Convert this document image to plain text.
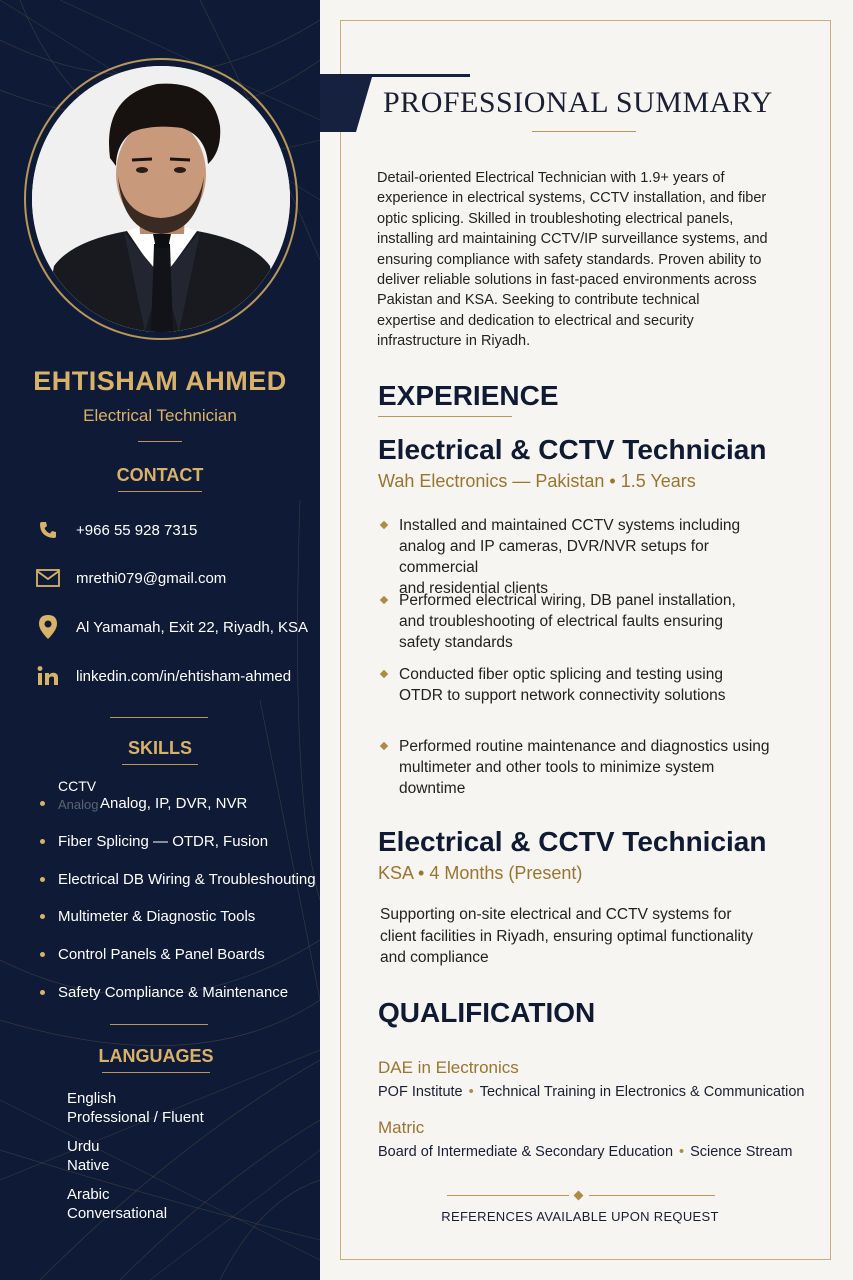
EHTISHAM AHMED
Electrical Technician
CONTACT
+966 55 928 7315
mrethi079@gmail.com
Al Yamamah, Exit 22, Riyadh, KSA
linkedin.com/in/ehtisham-ahmed
SKILLS
CCTV
Analog Analog, IP, DVR, NVR
Fiber Splicing — OTDR, Fusion
Electrical DB Wiring & Troubleshouting
Multimeter & Diagnostic Tools
Control Panels & Panel Boards
Safety Compliance & Maintenance
LANGUAGES
English
Professional / Fluent
Urdu
Native
Arabic
Conversational
PROFESSIONAL SUMMARY
Detail-oriented Electrical Technician with 1.9+ years of
experience in electrical systems, CCTV installation, and fiber
optic splicing. Skilled in troubleshoting electrical panels,
installing ard maintaining CCTV/IP surveillance systems, and
ensuring compliance with safety standards. Proven ability to
deliver reliable solutions in fast-paced environments across
Pakistan and KSA. Seeking to contribute technical
expertise and dedication to electrical and security
infrastructure in Riyadh.
EXPERIENCE
Electrical & CCTV Technician
Wah Electronics — Pakistan • 1.5 Years
Installed and maintained CCTV systems including
analog and IP cameras, DVR/NVR setups for commercial
and residential clients
Performed electrical wiring, DB panel installation,
and troubleshooting of electrical faults ensuring
safety standards
Conducted fiber optic splicing and testing using
OTDR to support network connectivity solutions
Performed routine maintenance and diagnostics using
multimeter and other tools to minimize system
downtime
Electrical & CCTV Technician
KSA • 4 Months (Present)
Supporting on-site electrical and CCTV systems for
client facilities in Riyadh, ensuring optimal functionality
and compliance
QUALIFICATION
DAE in Electronics
POF Institute • Technical Training in Electronics & Communication
Matric
Board of Intermediate & Secondary Education • Science Stream
REFERENCES AVAILABLE UPON REQUEST
